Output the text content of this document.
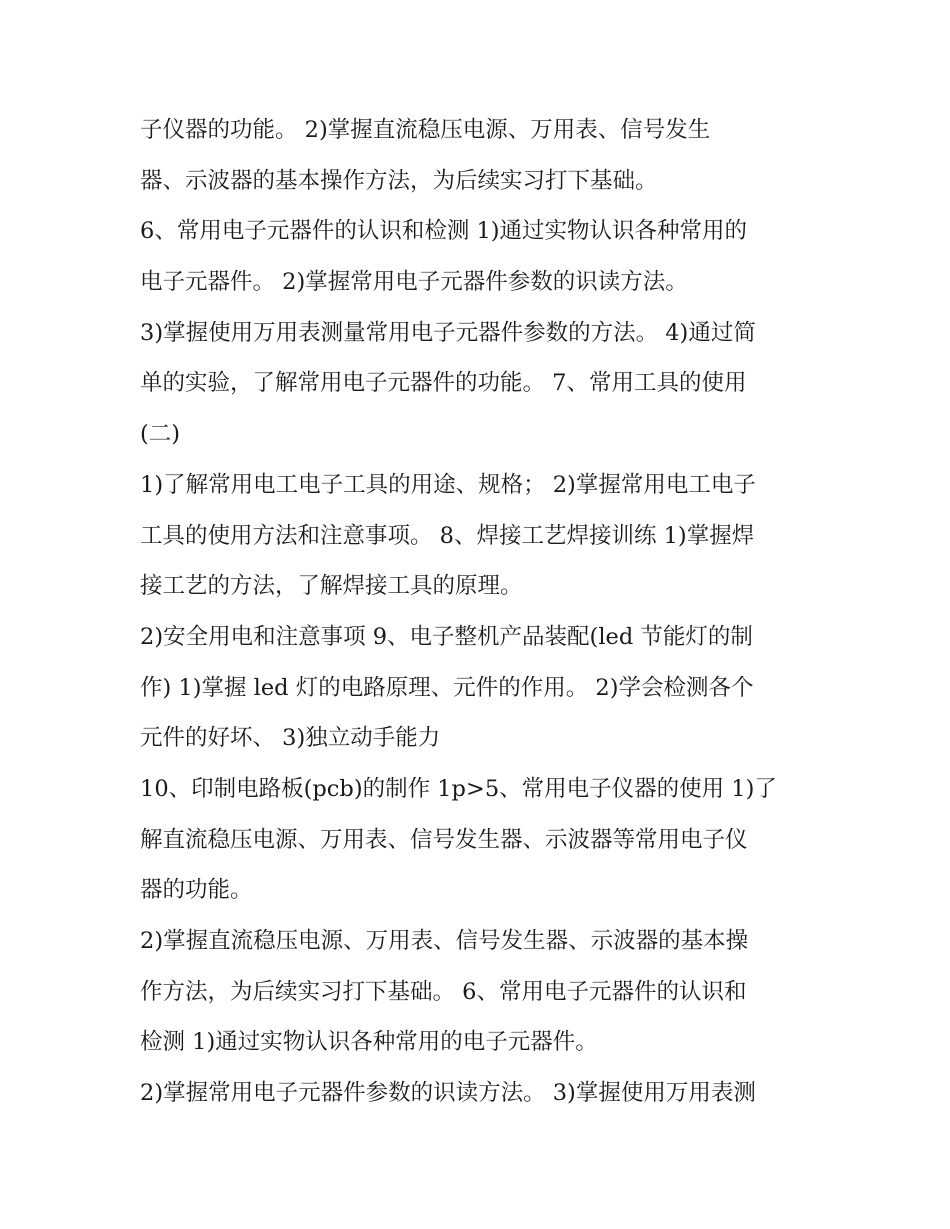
子仪器的功能。 2)掌握直流稳压电源、万用表、信号发生
器、示波器的基本操作方法，为后续实习打下基础。
6、常用电子元器件的认识和检测 1)通过实物认识各种常用的
电子元器件。 2)掌握常用电子元器件参数的识读方法。
3)掌握使用万用表测量常用电子元器件参数的方法。 4)通过简
单的实验，了解常用电子元器件的功能。 7、常用工具的使用
(二)
1)了解常用电工电子工具的用途、规格； 2)掌握常用电工电子
工具的使用方法和注意事项。 8、焊接工艺焊接训练 1)掌握焊
接工艺的方法，了解焊接工具的原理。
2)安全用电和注意事项 9、电子整机产品装配(led 节能灯的制
作) 1)掌握 led 灯的电路原理、元件的作用。 2)学会检测各个
元件的好坏、 3)独立动手能力
10、印制电路板(pcb)的制作 1p>5、常用电子仪器的使用 1)了
解直流稳压电源、万用表、信号发生器、示波器等常用电子仪
器的功能。
2)掌握直流稳压电源、万用表、信号发生器、示波器的基本操
作方法，为后续实习打下基础。 6、常用电子元器件的认识和
检测 1)通过实物认识各种常用的电子元器件。
2)掌握常用电子元器件参数的识读方法。 3)掌握使用万用表测
